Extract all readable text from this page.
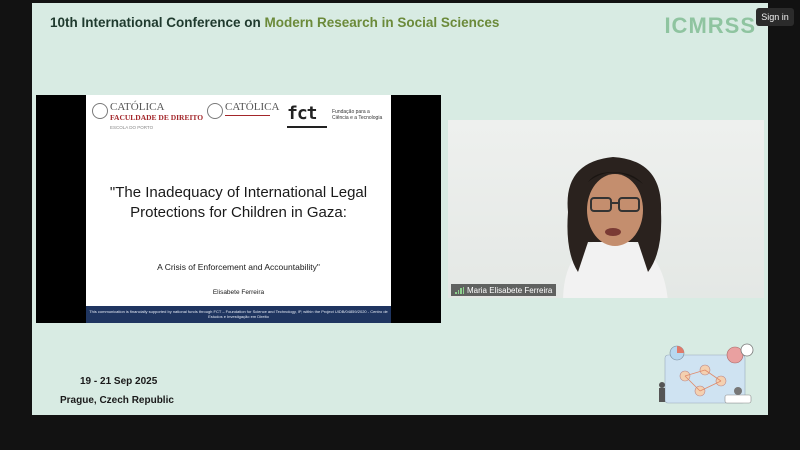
10th International Conference on Modern Research in Social Sciences	ICMRSS
19 - 21 Sep 2025
Prague, Czech Republic
Sign in
CATÓLICA
FACULDADE DE DIREITO
ESCOLA DO PORTO
CATÓLICA fct	Fundação para a Ciência e a Tecnologia
"The Inadequacy of International Legal Protections for Children in Gaza:
A Crisis of Enforcement and Accountability"
Elisabete Ferreira
This communication is financially supported by national funds through FCT – Foundation for Science and Technology, IP, within the Project UIDB/04859/2020 - Centro de Estudos e Investigação em Direito
Maria Elisabete Ferreira
